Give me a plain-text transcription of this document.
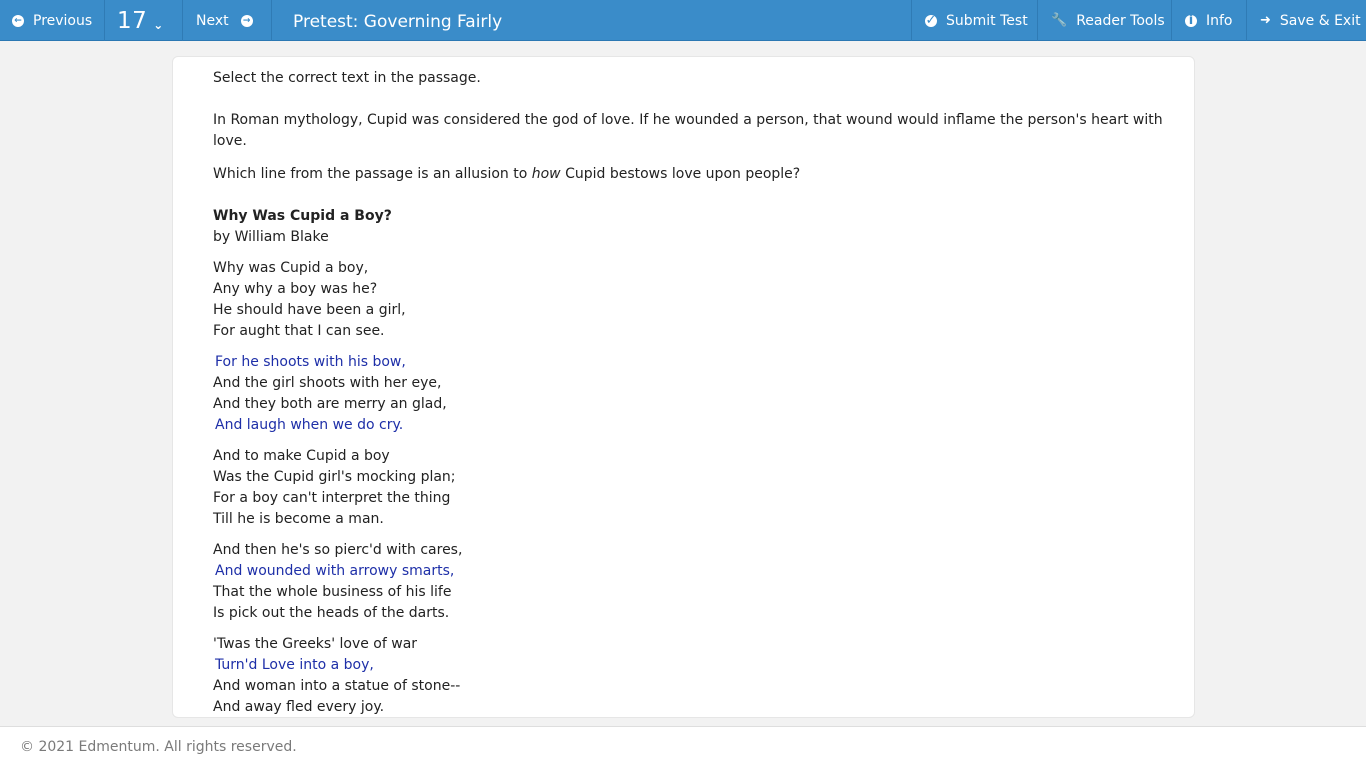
← Previous 17 ⌄ Next →	Pretest: Governing Fairly	✓ Submit Test 🔧 Reader Tools i Info ➜ Save & Exit

Select the correct text in the passage.

In Roman mythology, Cupid was considered the god of love. If he wounded a person, that wound would inflame the person's heart with love.

Which line from the passage is an allusion to how Cupid bestows love upon people?

Why Was Cupid a Boy?
by William Blake
Why was Cupid a boy,
Any why a boy was he?
He should have been a girl,
For aught that I can see.
For he shoots with his bow,
And the girl shoots with her eye,
And they both are merry an glad,
And laugh when we do cry.
And to make Cupid a boy
Was the Cupid girl's mocking plan;
For a boy can't interpret the thing
Till he is become a man.
And then he's so pierc'd with cares,
And wounded with arrowy smarts,
That the whole business of his life
Is pick out the heads of the darts.
'Twas the Greeks' love of war
Turn'd Love into a boy,
And woman into a statue of stone--
And away fled every joy.
© 2021 Edmentum. All rights reserved.
